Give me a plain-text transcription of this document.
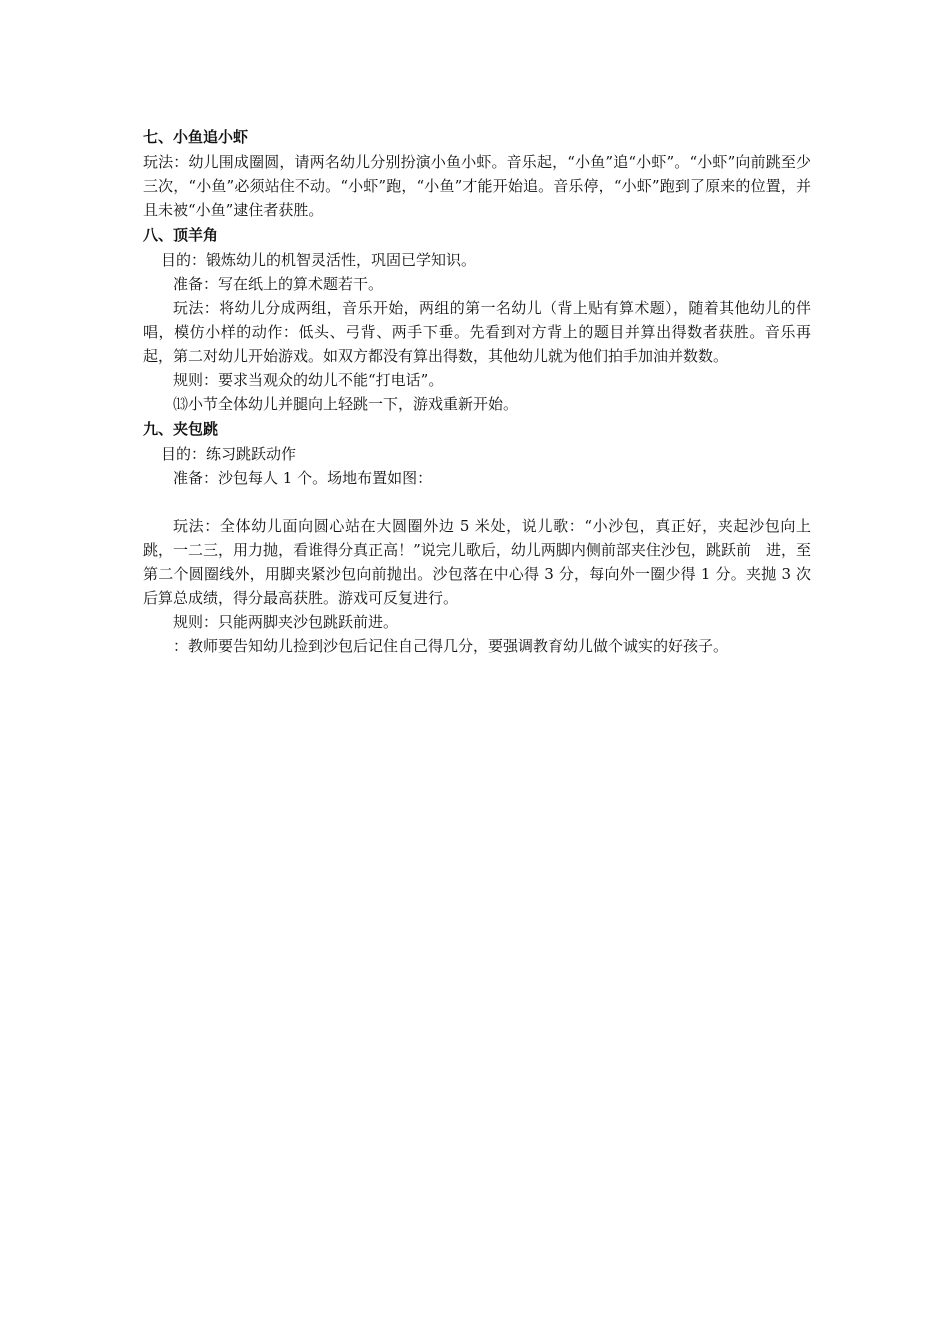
七、小鱼追小虾

玩法：幼儿围成圈圆，请两名幼儿分别扮演小鱼小虾。音乐起，“小鱼”追“小虾”。“小虾”向前跳至少三次，“小鱼”必须站住不动。“小虾”跑，“小鱼”才能开始追。音乐停，“小虾”跑到了原来的位置，并且未被“小鱼”逮住者获胜。

八、顶羊角

目的：锻炼幼儿的机智灵活性，巩固已学知识。

准备：写在纸上的算术题若干。

玩法：将幼儿分成两组，音乐开始，两组的第一名幼儿（背上贴有算术题），随着其他幼儿的伴唱，模仿小样的动作：低头、弓背、两手下垂。先看到对方背上的题目并算出得数者获胜。音乐再起，第二对幼儿开始游戏。如双方都没有算出得数，其他幼儿就为他们拍手加油并数数。

规则：要求当观众的幼儿不能“打电话”。

⒀小节全体幼儿并腿向上轻跳一下，游戏重新开始。

九、夹包跳

目的：练习跳跃动作

准备：沙包每人 1 个。场地布置如图：

玩法：全体幼儿面向圆心站在大圆圈外边 5 米处，说儿歌：“小沙包，真正好，夹起沙包向上跳，一二三，用力抛，看谁得分真正高！”说完儿歌后，幼儿两脚内侧前部夹住沙包，跳跃前　进，至第二个圆圈线外，用脚夹紧沙包向前抛出。沙包落在中心得 3 分，每向外一圈少得 1 分。夹抛 3 次后算总成绩，得分最高获胜。游戏可反复进行。

规则：只能两脚夹沙包跳跃前进。

：教师要告知幼儿捡到沙包后记住自己得几分，要强调教育幼儿做个诚实的好孩子。
